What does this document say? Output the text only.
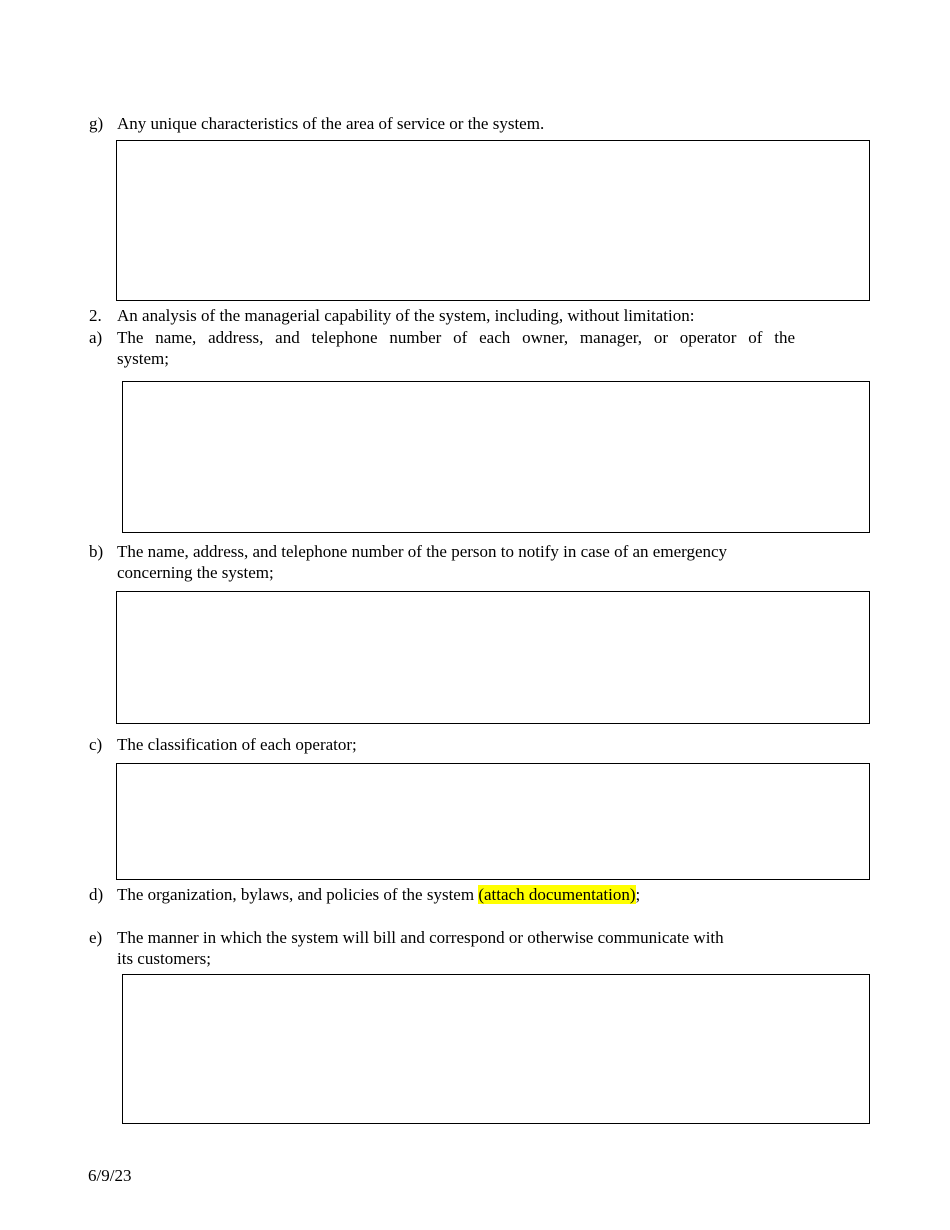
g) Any unique characteristics of the area of service or the system.
2. An analysis of the managerial capability of the system, including, without limitation:
a) The name, address, and telephone number of each owner, manager, or operator of the
system;
b) The name, address, and telephone number of the person to notify in case of an emergency
concerning the system;
c) The classification of each operator;
d) The organization, bylaws, and policies of the system (attach documentation);
e) The manner in which the system will bill and correspond or otherwise communicate with
its customers;
6/9/23
